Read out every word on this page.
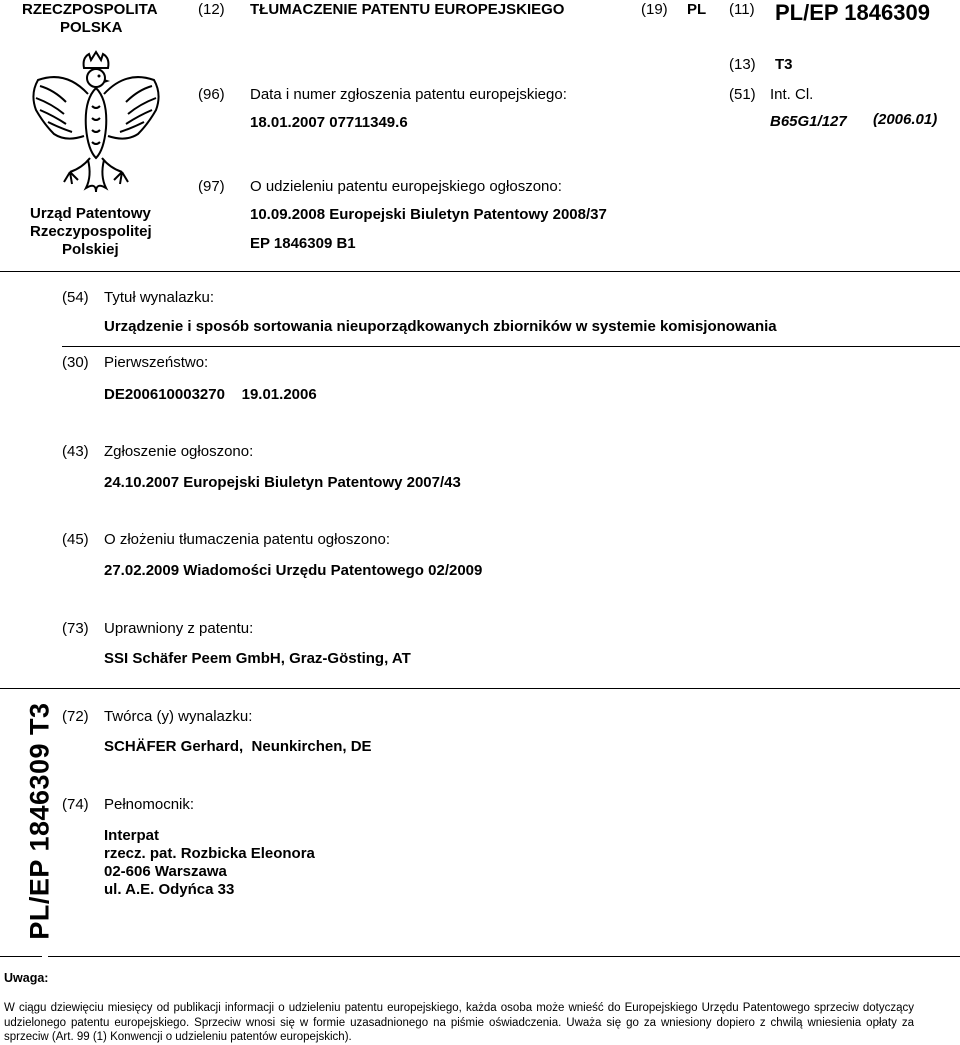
RZECZPOSPOLITA
POLSKA
(12) TŁUMACZENIE PATENTU EUROPEJSKIEGO	(19) PL (11) PL/EP 1846309
(13) T3
Urząd Patentowy
Rzeczypospolitej
Polskiej
(96) Data i numer zgłoszenia patentu europejskiego:
18.01.2007 07711349.6
(51) Int. Cl.
B65G1/127 (2006.01)
(97) O udzieleniu patentu europejskiego ogłoszono:
10.09.2008 Europejski Biuletyn Patentowy 2008/37
EP 1846309 B1
(54) Tytuł wynalazku:
Urządzenie i sposób sortowania nieuporządkowanych zbiorników w systemie komisjonowania
(30) Pierwszeństwo:
DE200610003270    19.01.2006
(43) Zgłoszenie ogłoszono:
24.10.2007 Europejski Biuletyn Patentowy 2007/43
(45) O złożeniu tłumaczenia patentu ogłoszono:
27.02.2009 Wiadomości Urzędu Patentowego 02/2009
(73) Uprawniony z patentu:
SSI Schäfer Peem GmbH, Graz-Gösting, AT
PL/EP 1846309 T3 (72) Twórca (y) wynalazku:
SCHÄFER Gerhard,  Neunkirchen, DE
(74) Pełnomocnik:
Interpat
rzecz. pat. Rozbicka Eleonora
02-606 Warszawa
ul. A.E. Odyńca 33
Uwaga:
W ciągu dziewięciu miesięcy od publikacji informacji o udzieleniu patentu europejskiego, każda osoba może wnieść do Europejskiego Urzędu Patentowego sprzeciw dotyczący udzielonego patentu europejskiego. Sprzeciw wnosi się w formie uzasadnionego na piśmie oświadczenia. Uważa się go za wniesiony dopiero z chwilą wniesienia opłaty za sprzeciw (Art. 99 (1) Konwencji o udzieleniu patentów europejskich).
